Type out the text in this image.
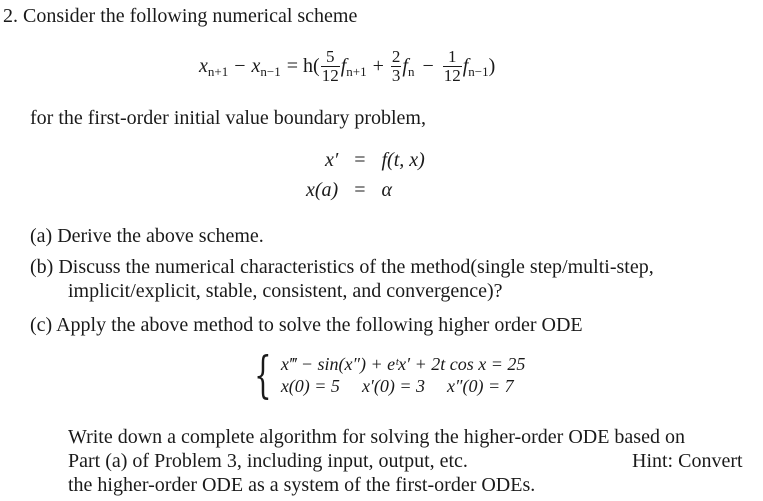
2. Consider the following numerical scheme
$x_{n+1} - x_{n-1} = h( \frac{5}{12} f_{n+1} + \frac{2}{3} f_n - \frac{1}{12} f_{n-1}$ )
for the first-order initial value boundary problem,
x′	=	f(t, x)
x(a)	=	α
(a) Derive the above scheme.
(b) Discuss the numerical characteristics of the method(single step/multi-step,
implicit/explicit, stable, consistent, and convergence)?
(c) Apply the above method to solve the following higher order ODE
{ x‴ − sin(x″) + eᵗx′ + 2t cos x = 25
x(0) = 5 x′(0) = 3 x″(0) = 7
Write down a complete algorithm for solving the higher-order ODE based on
Part (a) of Problem 3, including input, output, etc.	Hint: Convert
the higher-order ODE as a system of the first-order ODEs.
